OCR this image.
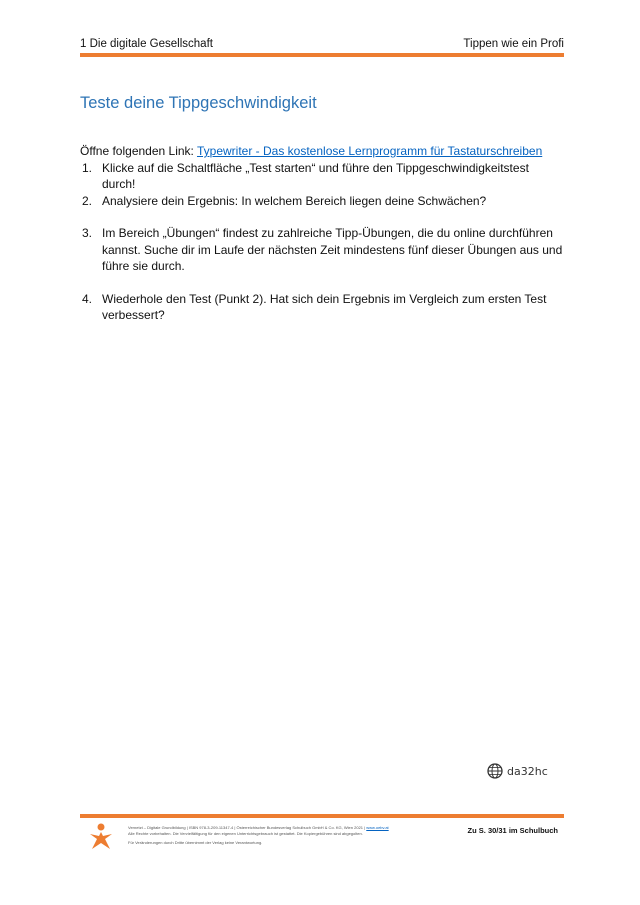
1 Die digitale Gesellschaft	Tippen wie ein Profi
Teste deine Tippgeschwindigkeit
Öffne folgenden Link: Typewriter - Das kostenlose Lernprogramm für Tastaturschreiben
1. Klicke auf die Schaltfläche „Test starten“ und führe den Tippgeschwindigkeitstest durch!
2. Analysiere dein Ergebnis: In welchem Bereich liegen deine Schwächen?
3. Im Bereich „Übungen“ findest zu zahlreiche Tipp-Übungen, die du online durchführen kannst. Suche dir im Laufe der nächsten Zeit mindestens fünf dieser Übungen aus und führe sie durch.
4. Wiederhole den Test (Punkt 2). Hat sich dein Ergebnis im Vergleich zum ersten Test verbessert?
da32hc
Vernetzt – Digitale Grundbildung | ISBN 978-3-209-11347-4 | Österreichischer Bundesverlag Schulbuch GmbH & Co. KG, Wien 2021 | www.oebv.at
Alle Rechte vorbehalten. Die Vervielfältigung für den eigenen Unterrichtsgebrauch ist gestattet. Die Kopiergebühren sind abgegolten.
Für Veränderungen durch Dritte übernimmt der Verlag keine Verantwortung.
Zu S. 30/31 im Schulbuch
